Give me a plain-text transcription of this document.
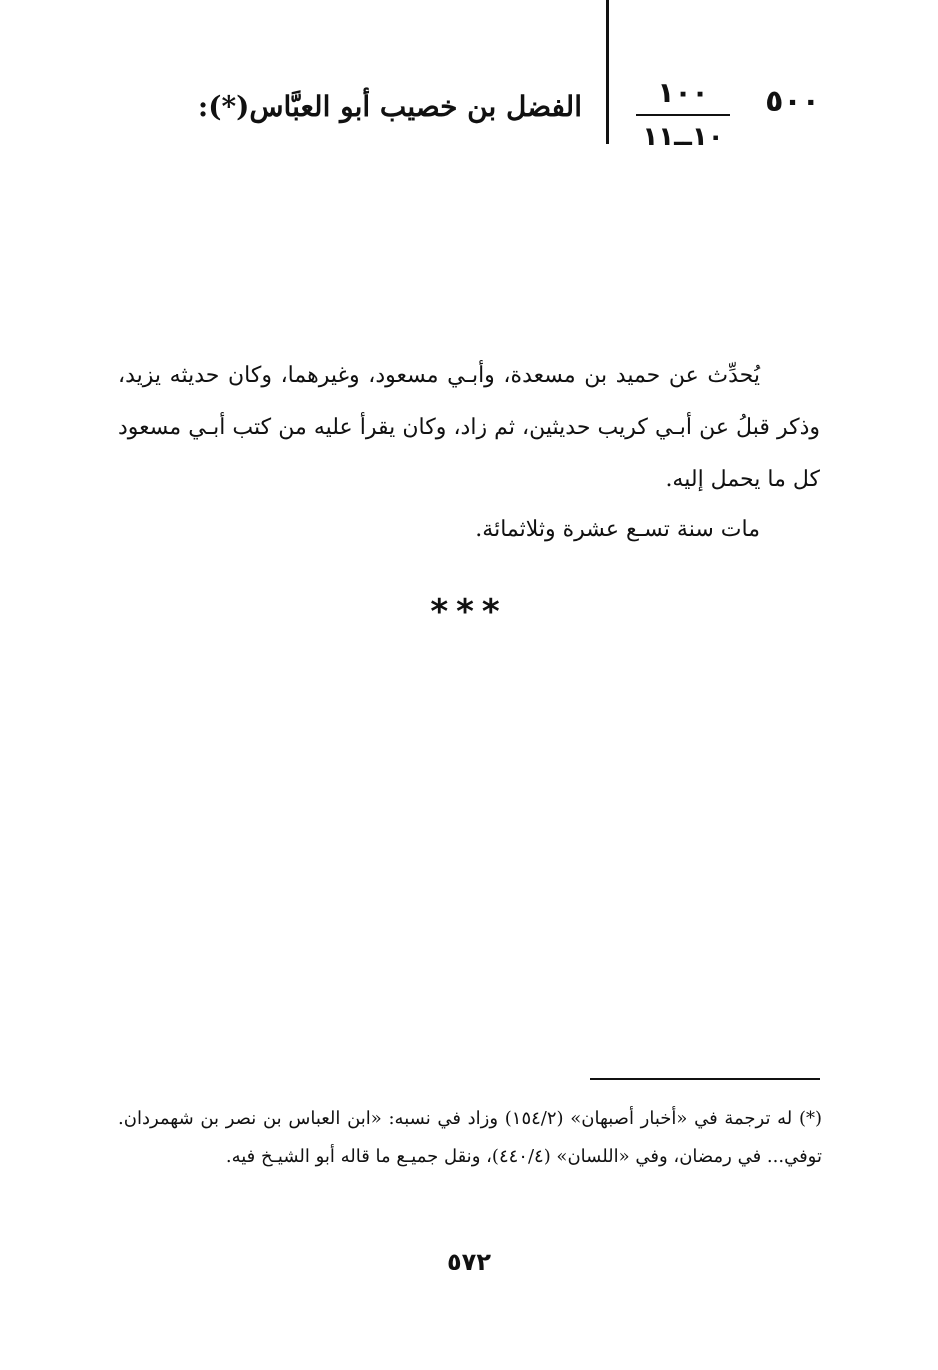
٥٠٠
١٠٠
١٠ــ١١
الفضل بن خصيب أبو العبَّاس(*):

يُحدِّث عن حميد بن مسعدة، وأبـي مسعود، وغيرهما، وكان حديثه يزيد، وذكر قبلُ عن أبـي كريب حديثين، ثم زاد، وكان يقرأ عليه من كتب أبـي مسعود كل ما يحمل إليه.

مات سنة تسـع عشرة وثلاثمائة.

***

(*) له ترجمة في «أخبار أصبهان» (١٥٤/٢) وزاد في نسبه: «ابن العباس بن نصر بن شهمردان. توفي... في رمضان، وفي «اللسان» (٤٤٠/٤)، ونقل جميـع ما قاله أبو الشيـخ فيه.

٥٧٢
